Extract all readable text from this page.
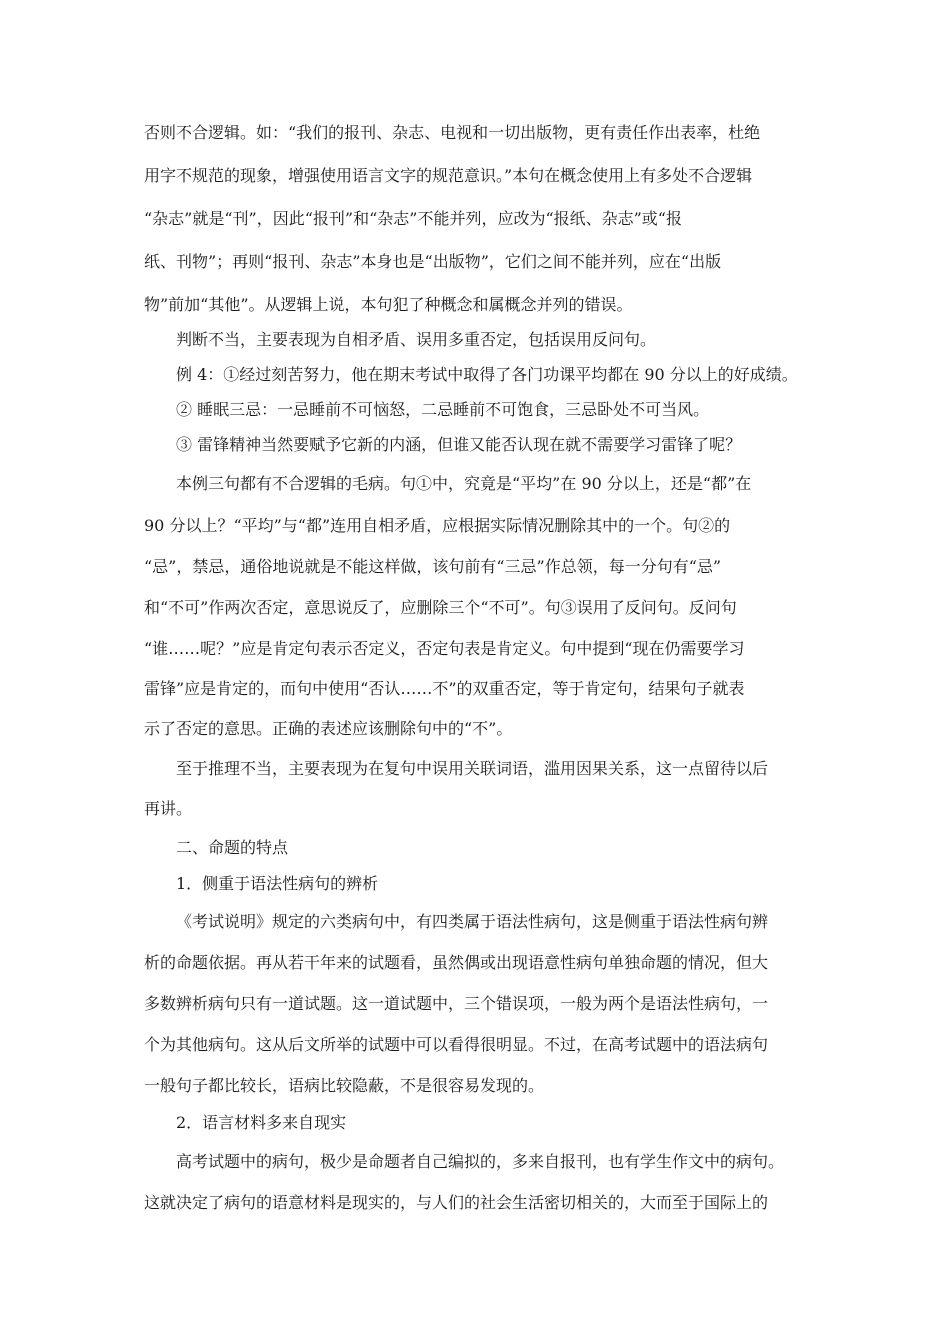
否则不合逻辑。如：“我们的报刊、杂志、电视和一切出版物，更有责任作出表率，杜绝

用字不规范的现象，增强使用语言文字的规范意识。”本句在概念使用上有多处不合逻辑

“杂志”就是“刊”，因此“报刊”和“杂志”不能并列，应改为“报纸、杂志”或“报

纸、刊物”；再则“报刊、杂志”本身也是“出版物”，它们之间不能并列，应在“出版

物”前加“其他”。从逻辑上说，本句犯了种概念和属概念并列的错误。

判断不当，主要表现为自相矛盾、误用多重否定，包括误用反问句。

例 4：①经过刻苦努力，他在期末考试中取得了各门功课平均都在 90 分以上的好成绩。

② 睡眠三忌：一忌睡前不可恼怒，二忌睡前不可饱食，三忌卧处不可当风。

③ 雷锋精神当然要赋予它新的内涵，但谁又能否认现在就不需要学习雷锋了呢？

本例三句都有不合逻辑的毛病。句①中，究竟是“平均”在 90 分以上，还是“都”在

90 分以上？“平均”与“都”连用自相矛盾，应根据实际情况删除其中的一个。句②的

“忌”，禁忌，通俗地说就是不能这样做，该句前有“三忌”作总领，每一分句有“忌”

和“不可”作两次否定，意思说反了，应删除三个“不可”。句③误用了反问句。反问句

“谁……呢？”应是肯定句表示否定义，否定句表是肯定义。句中提到“现在仍需要学习

雷锋”应是肯定的，而句中使用“否认……不”的双重否定，等于肯定句，结果句子就表

示了否定的意思。正确的表述应该删除句中的“不”。

至于推理不当，主要表现为在复句中误用关联词语，滥用因果关系，这一点留待以后

再讲。

二、命题的特点

1．侧重于语法性病句的辨析

《考试说明》规定的六类病句中，有四类属于语法性病句，这是侧重于语法性病句辨

析的命题依据。再从若干年来的试题看，虽然偶或出现语意性病句单独命题的情况，但大

多数辨析病句只有一道试题。这一道试题中，三个错误项，一般为两个是语法性病句，一

个为其他病句。这从后文所举的试题中可以看得很明显。不过，在高考试题中的语法病句

一般句子都比较长，语病比较隐蔽，不是很容易发现的。

2．语言材料多来自现实

高考试题中的病句，极少是命题者自己编拟的，多来自报刊，也有学生作文中的病句。

这就决定了病句的语意材料是现实的，与人们的社会生活密切相关的，大而至于国际上的
